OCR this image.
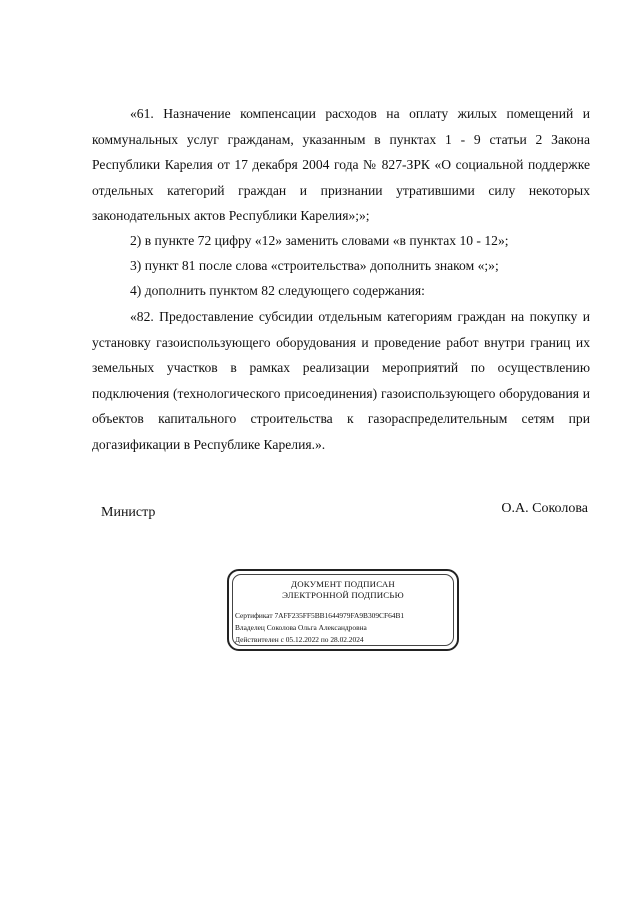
«61. Назначение компенсации расходов на оплату жилых помещений и коммунальных услуг гражданам, указанным в пунктах 1 - 9 статьи 2 Закона Республики Карелия от 17 декабря 2004 года № 827-ЗРК «О социальной поддержке отдельных категорий граждан и признании утратившими силу некоторых законодательных актов Республики Карелия»;»;

2) в пункте 72 цифру «12» заменить словами «в пунктах 10 - 12»;

3) пункт 81 после слова «строительства» дополнить знаком «;»;

4) дополнить пунктом 82 следующего содержания:

«82. Предоставление субсидии отдельным категориям граждан на покупку и установку газоиспользующего оборудования и проведение работ внутри границ их земельных участков в рамках реализации мероприятий по осуществлению подключения (технологического присоединения) газоиспользующего оборудования и объектов капитального строительства к газораспределительным сетям при догазификации в Республике Карелия.».

Министр	О.А. Соколова
ДОКУМЕНТ ПОДПИСАН
ЭЛЕКТРОННОЙ ПОДПИСЬЮ
Сертификат 7AFF235FF5BB1644979FA9B309CF64B1
Владелец Соколова Ольга Александровна
Действителен с 05.12.2022 по 28.02.2024
